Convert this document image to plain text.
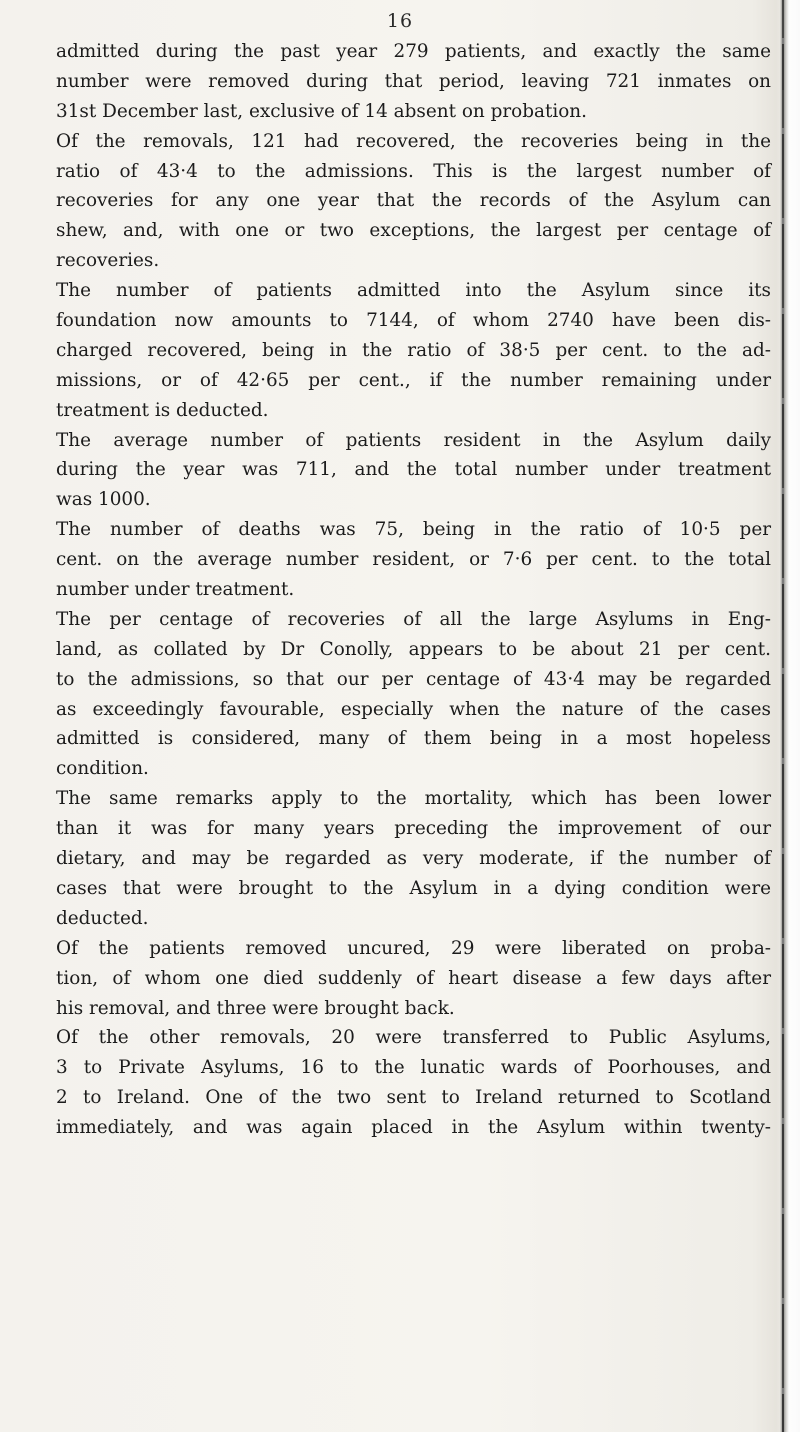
16
admitted during the past year 279 patients, and exactly the same
number were removed during that period, leaving 721 inmates on
31st December last, exclusive of 14 absent on probation.
Of the removals, 121 had recovered, the recoveries being in the
ratio of 43·4 to the admissions. This is the largest number of
recoveries for any one year that the records of the Asylum can
shew, and, with one or two exceptions, the largest per centage of
recoveries.
The number of patients admitted into the Asylum since its
foundation now amounts to 7144, of whom 2740 have been dis-
charged recovered, being in the ratio of 38·5 per cent. to the ad-
missions, or of 42·65 per cent., if the number remaining under
treatment is deducted.
The average number of patients resident in the Asylum daily
during the year was 711, and the total number under treatment
was 1000.
The number of deaths was 75, being in the ratio of 10·5 per
cent. on the average number resident, or 7·6 per cent. to the total
number under treatment.
The per centage of recoveries of all the large Asylums in Eng-
land, as collated by Dr Conolly, appears to be about 21 per cent.
to the admissions, so that our per centage of 43·4 may be regarded
as exceedingly favourable, especially when the nature of the cases
admitted is considered, many of them being in a most hopeless
condition.
The same remarks apply to the mortality, which has been lower
than it was for many years preceding the improvement of our
dietary, and may be regarded as very moderate, if the number of
cases that were brought to the Asylum in a dying condition were
deducted.
Of the patients removed uncured, 29 were liberated on proba-
tion, of whom one died suddenly of heart disease a few days after
his removal, and three were brought back.
Of the other removals, 20 were transferred to Public Asylums,
3 to Private Asylums, 16 to the lunatic wards of Poorhouses, and
2 to Ireland. One of the two sent to Ireland returned to Scotland
immediately, and was again placed in the Asylum within twenty-
